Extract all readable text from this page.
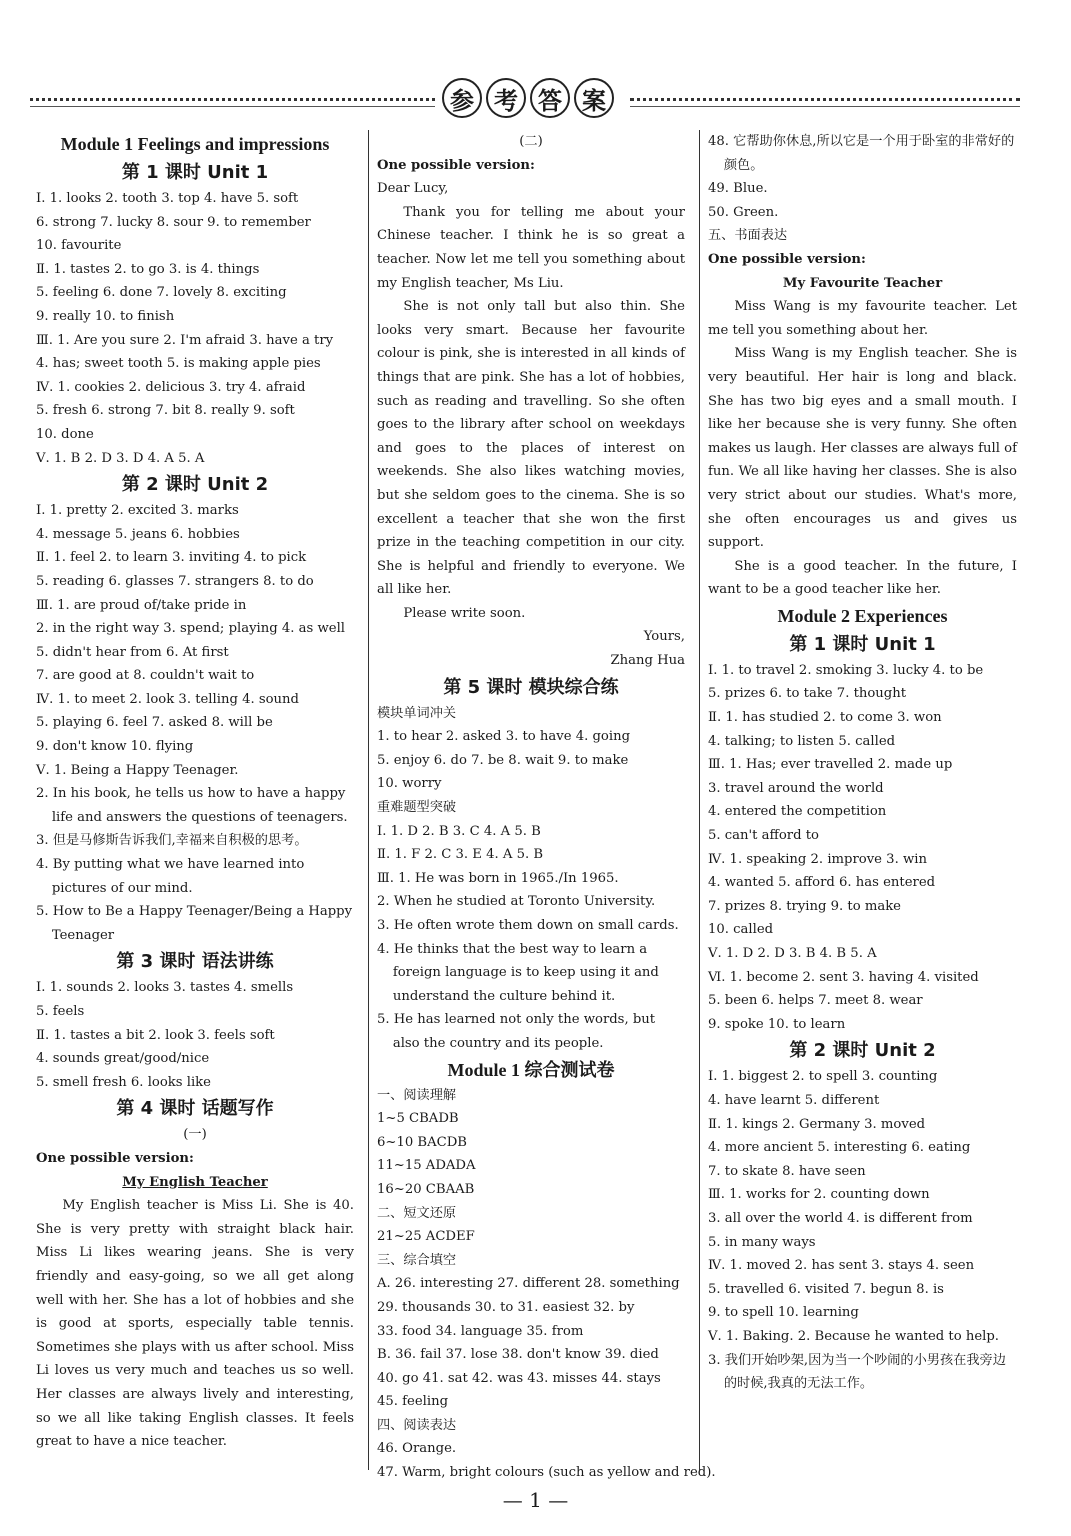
参 考 答 案

Module 1 Feelings and impressions

第 1 课时 Unit 1

Ⅰ. 1. looks 2. tooth 3. top 4. have 5. soft

6. strong 7. lucky 8. sour 9. to remember

10. favourite

Ⅱ. 1. tastes 2. to go 3. is 4. things

5. feeling 6. done 7. lovely 8. exciting

9. really 10. to finish

Ⅲ. 1. Are you sure 2. I'm afraid 3. have a try

4. has; sweet tooth 5. is making apple pies

Ⅳ. 1. cookies 2. delicious 3. try 4. afraid

5. fresh 6. strong 7. bit 8. really 9. soft

10. done

Ⅴ. 1. B 2. D 3. D 4. A 5. A

第 2 课时 Unit 2

Ⅰ. 1. pretty 2. excited 3. marks

4. message 5. jeans 6. hobbies

Ⅱ. 1. feel 2. to learn 3. inviting 4. to pick

5. reading 6. glasses 7. strangers 8. to do

Ⅲ. 1. are proud of/take pride in

2. in the right way 3. spend; playing 4. as well

5. didn't hear from 6. At first

7. are good at 8. couldn't wait to

Ⅳ. 1. to meet 2. look 3. telling 4. sound

5. playing 6. feel 7. asked 8. will be

9. don't know 10. flying

Ⅴ. 1. Being a Happy Teenager.

2. In his book, he tells us how to have a happy life and answers the questions of teenagers.

3. 但是马修斯告诉我们,幸福来自积极的思考。

4. By putting what we have learned into pictures of our mind.

5. How to Be a Happy Teenager/Being a Happy Teenager

第 3 课时 语法讲练

Ⅰ. 1. sounds 2. looks 3. tastes 4. smells

5. feels

Ⅱ. 1. tastes a bit 2. look 3. feels soft

4. sounds great/good/nice

5. smell fresh 6. looks like

第 4 课时 话题写作

(一)

One possible version:

My English Teacher

My English teacher is Miss Li. She is 40. She is very pretty with straight black hair. Miss Li likes wearing jeans. She is very friendly and easy-going, so we all get along well with her. She has a lot of hobbies and she is good at sports, especially table tennis. Sometimes she plays with us after school. Miss Li loves us very much and teaches us so well. Her classes are always lively and interesting, so we all like taking English classes. It feels great to have a nice teacher.

(二)

One possible version:

Dear Lucy,

Thank you for telling me about your Chinese teacher. I think he is so great a teacher. Now let me tell you something about my English teacher, Ms Liu.

She is not only tall but also thin. She looks very smart. Because her favourite colour is pink, she is interested in all kinds of things that are pink. She has a lot of hobbies, such as reading and travelling. So she often goes to the library after school on weekdays and goes to the places of interest on weekends. She also likes watching movies, but she seldom goes to the cinema. She is so excellent a teacher that she won the first prize in the teaching competition in our city. She is helpful and friendly to everyone. We all like her.

Please write soon.

Yours,

Zhang Hua

第 5 课时 模块综合练

模块单词冲关

1. to hear 2. asked 3. to have 4. going

5. enjoy 6. do 7. be 8. wait 9. to make

10. worry

重难题型突破

Ⅰ. 1. D 2. B 3. C 4. A 5. B

Ⅱ. 1. F 2. C 3. E 4. A 5. B

Ⅲ. 1. He was born in 1965./In 1965.

2. When he studied at Toronto University.

3. He often wrote them down on small cards.

4. He thinks that the best way to learn a foreign language is to keep using it and understand the culture behind it.

5. He has learned not only the words, but also the country and its people.

Module 1 综合测试卷

一、阅读理解

1~5 CBADB

6~10 BACDB

11~15 ADADA

16~20 CBAAB

二、短文还原

21~25 ACDEF

三、综合填空

A. 26. interesting 27. different 28. something

29. thousands 30. to 31. easiest 32. by

33. food 34. language 35. from

B. 36. fail 37. lose 38. don't know 39. died

40. go 41. sat 42. was 43. misses 44. stays

45. feeling

四、阅读表达

46. Orange.

47. Warm, bright colours (such as yellow and red).

48. 它帮助你休息,所以它是一个用于卧室的非常好的颜色。

49. Blue.

50. Green.

五、书面表达

One possible version:

My Favourite Teacher

Miss Wang is my favourite teacher. Let me tell you something about her.

Miss Wang is my English teacher. She is very beautiful. Her hair is long and black. She has two big eyes and a small mouth. I like her because she is very funny. She often makes us laugh. Her classes are always full of fun. We all like having her classes. She is also very strict about our studies. What's more, she often encourages us and gives us support.

She is a good teacher. In the future, I want to be a good teacher like her.

Module 2 Experiences

第 1 课时 Unit 1

Ⅰ. 1. to travel 2. smoking 3. lucky 4. to be

5. prizes 6. to take 7. thought

Ⅱ. 1. has studied 2. to come 3. won

4. talking; to listen 5. called

Ⅲ. 1. Has; ever travelled 2. made up

3. travel around the world

4. entered the competition

5. can't afford to

Ⅳ. 1. speaking 2. improve 3. win

4. wanted 5. afford 6. has entered

7. prizes 8. trying 9. to make

10. called

Ⅴ. 1. D 2. D 3. B 4. B 5. A

Ⅵ. 1. become 2. sent 3. having 4. visited

5. been 6. helps 7. meet 8. wear

9. spoke 10. to learn

第 2 课时 Unit 2

Ⅰ. 1. biggest 2. to spell 3. counting

4. have learnt 5. different

Ⅱ. 1. kings 2. Germany 3. moved

4. more ancient 5. interesting 6. eating

7. to skate 8. have seen

Ⅲ. 1. works for 2. counting down

3. all over the world 4. is different from

5. in many ways

Ⅳ. 1. moved 2. has sent 3. stays 4. seen

5. travelled 6. visited 7. begun 8. is

9. to spell 10. learning

Ⅴ. 1. Baking. 2. Because he wanted to help.

3. 我们开始吵架,因为当一个吵闹的小男孩在我旁边的时候,我真的无法工作。

— 1 —
